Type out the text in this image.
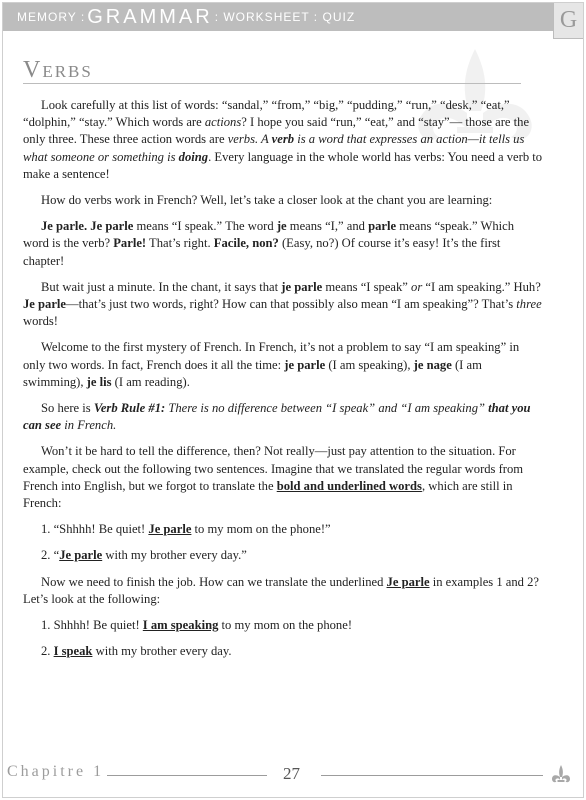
MEMORY : GRAMMAR : WORKSHEET : QUIZ	G
Verbs

Look carefully at this list of words: “sandal,” “from,” “big,” “pudding,” “run,” “desk,” “eat,” “dolphin,” “stay.” Which words are actions? I hope you said “run,” “eat,” and “stay”— those are the only three. These three action words are verbs. A verb is a word that expresses an action—it tells us what someone or something is doing. Every language in the whole world has verbs: You need a verb to make a sentence!

How do verbs work in French? Well, let’s take a closer look at the chant you are learning:

Je parle. Je parle means “I speak.” The word je means “I,” and parle means “speak.” Which word is the verb? Parle! That’s right. Facile, non? (Easy, no?) Of course it’s easy! It’s the first chapter!

But wait just a minute. In the chant, it says that je parle means “I speak” or “I am speaking.” Huh? Je parle—that’s just two words, right? How can that possibly also mean “I am speaking”? That’s three words!

Welcome to the first mystery of French. In French, it’s not a problem to say “I am speaking” in only two words. In fact, French does it all the time: je parle (I am speaking), je nage (I am swimming), je lis (I am reading).

So here is Verb Rule #1: There is no difference between “I speak” and “I am speaking” that you can see in French.

Won’t it be hard to tell the difference, then? Not really—just pay attention to the situation. For example, check out the following two sentences. Imagine that we translated the regular words from French into English, but we forgot to translate the bold and underlined words, which are still in French:

1. “Shhhh! Be quiet! Je parle to my mom on the phone!”

2. “Je parle with my brother every day.”

Now we need to finish the job. How can we translate the underlined Je parle in examples 1 and 2? Let’s look at the following:

1. Shhhh! Be quiet! I am speaking to my mom on the phone!

2. I speak with my brother every day.

Chapitre 1	27
